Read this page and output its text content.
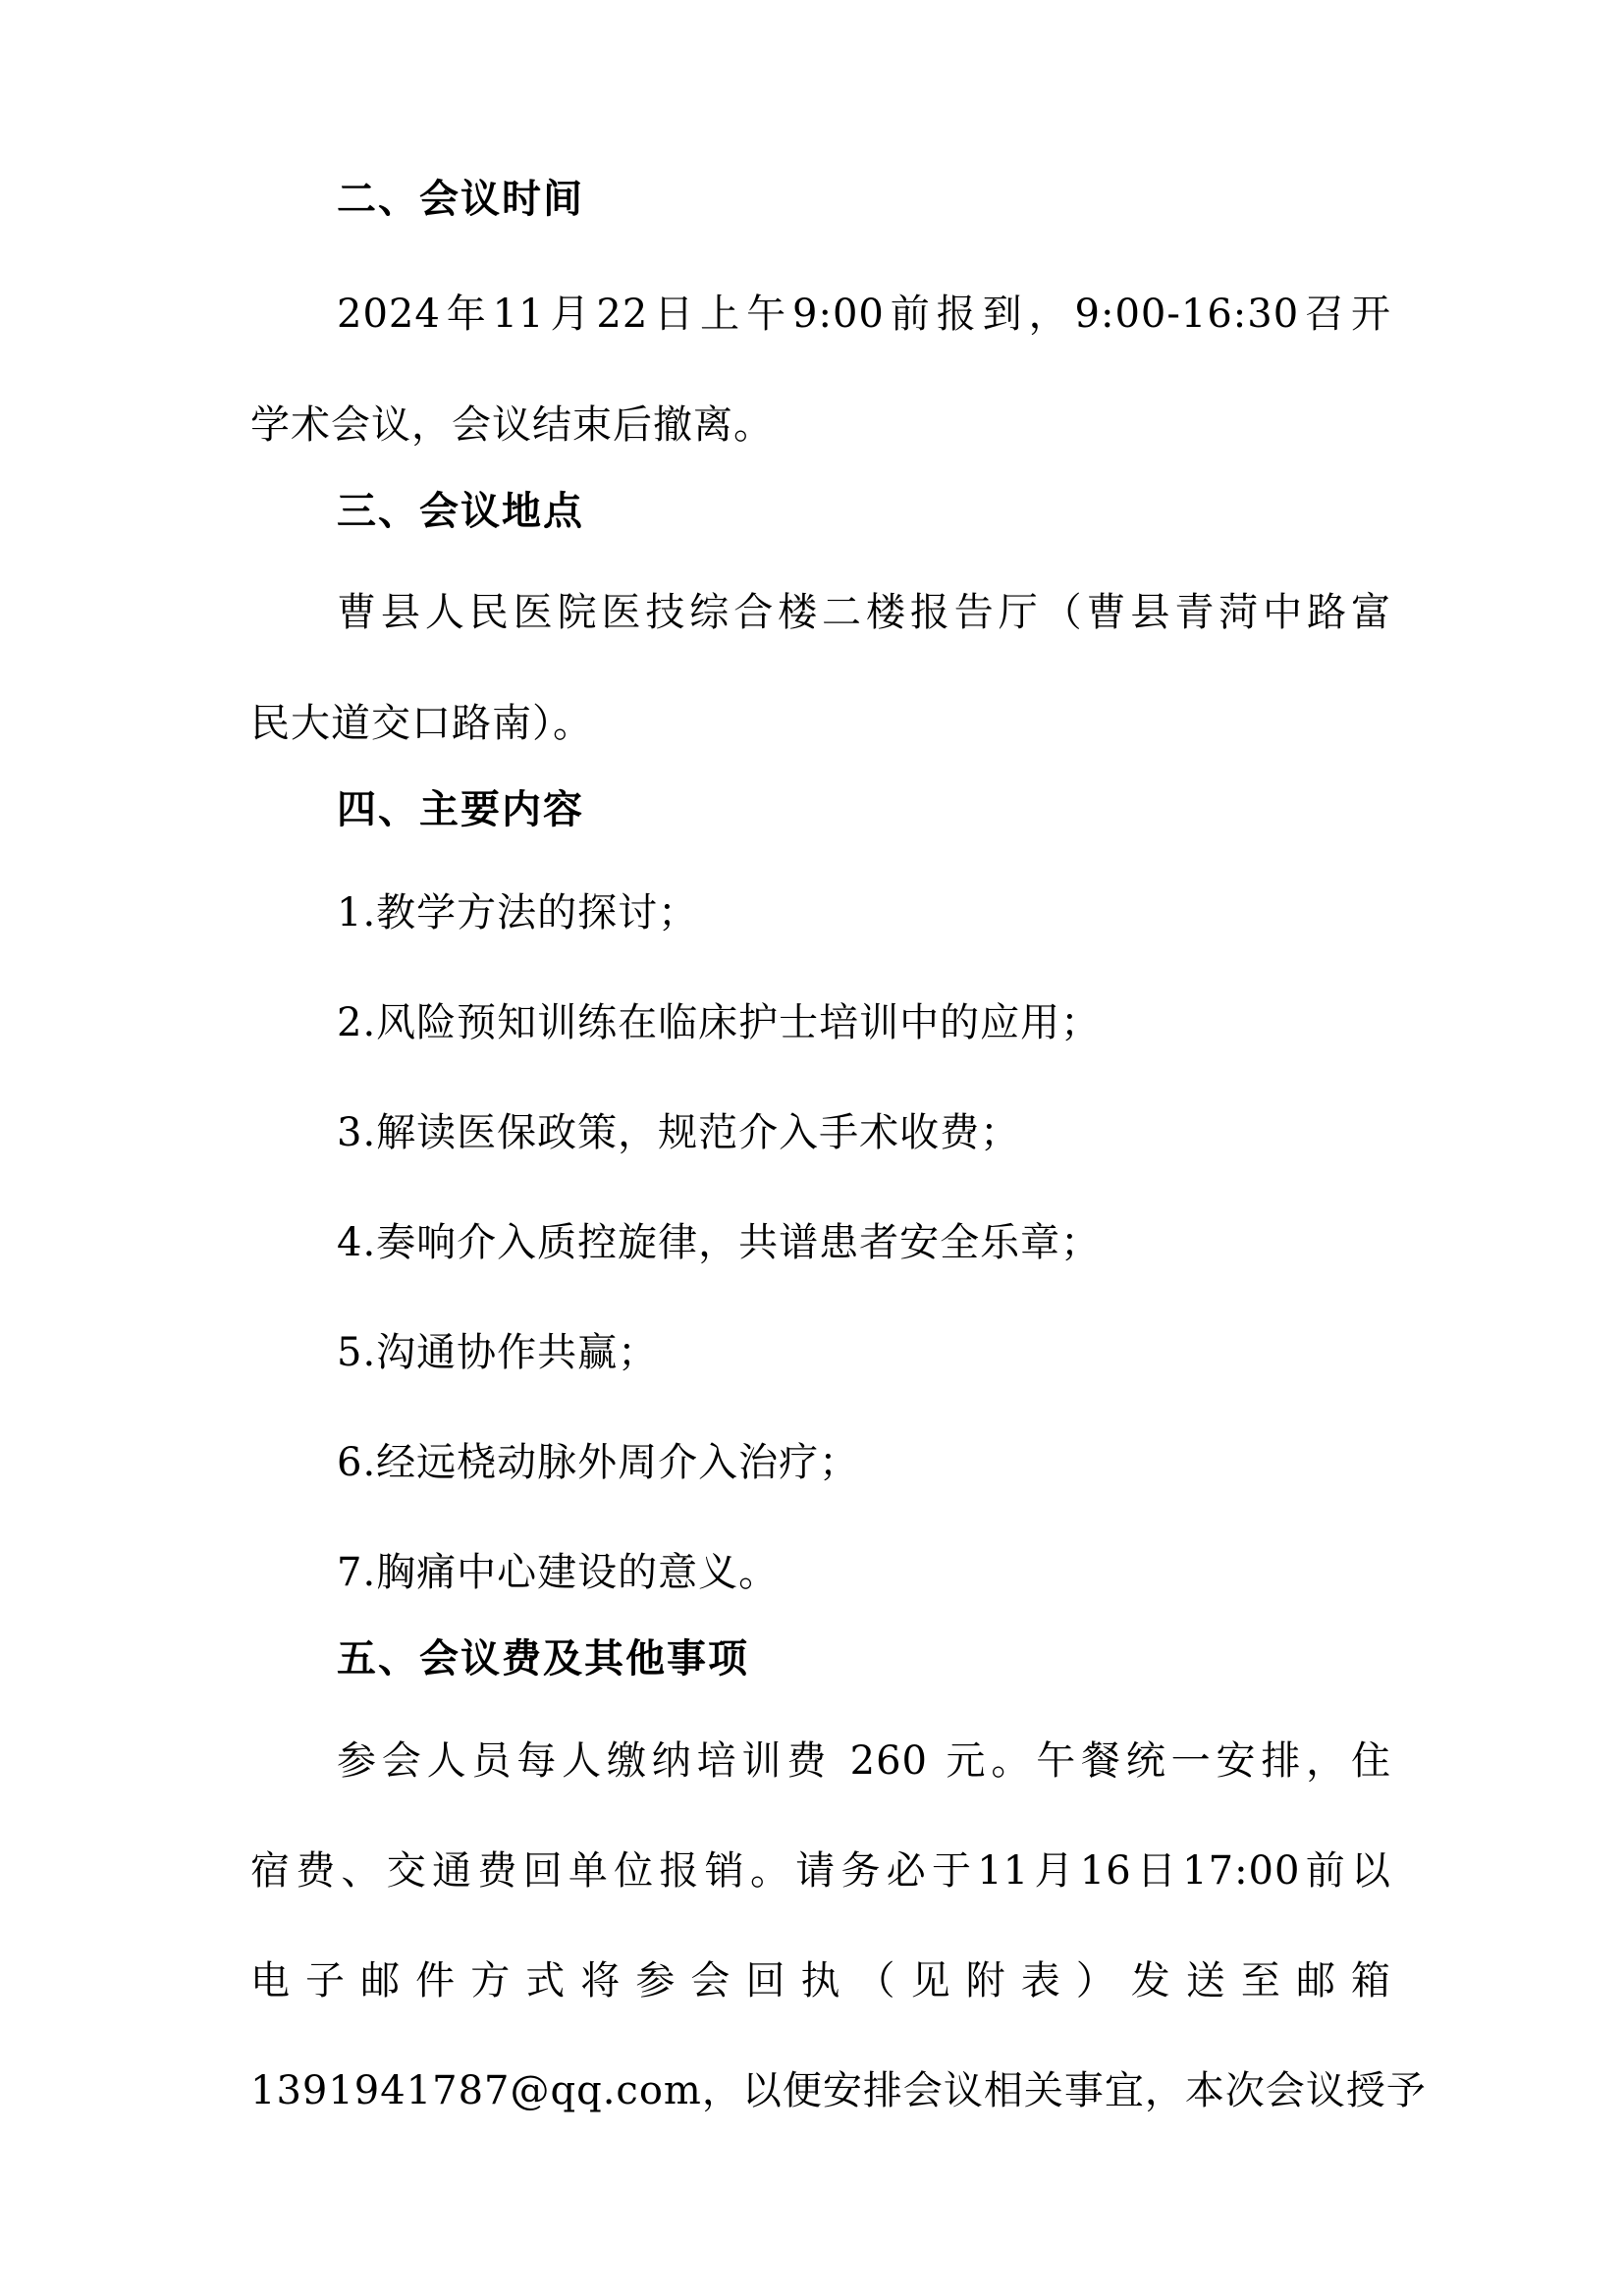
二、会议时间
2024年11月22日上午9:00前报到，9:00-16:30召开
学术会议，会议结束后撤离。
三、会议地点
曹县人民医院医技综合楼二楼报告厅（曹县青菏中路富
民大道交口路南）。
四、主要内容
1.教学方法的探讨；
2.风险预知训练在临床护士培训中的应用；
3.解读医保政策，规范介入手术收费；
4.奏响介入质控旋律，共谱患者安全乐章；
5.沟通协作共赢；
6.经远桡动脉外周介入治疗；
7.胸痛中心建设的意义。
五、会议费及其他事项
参会人员每人缴纳培训费 260 元。午餐统一安排，住
宿费、交通费回单位报销。请务必于11月16日17:00前以
电子邮件方式将参会回执（见附表）发送至邮箱
1391941787@qq.com，以便安排会议相关事宜，本次会议授予
